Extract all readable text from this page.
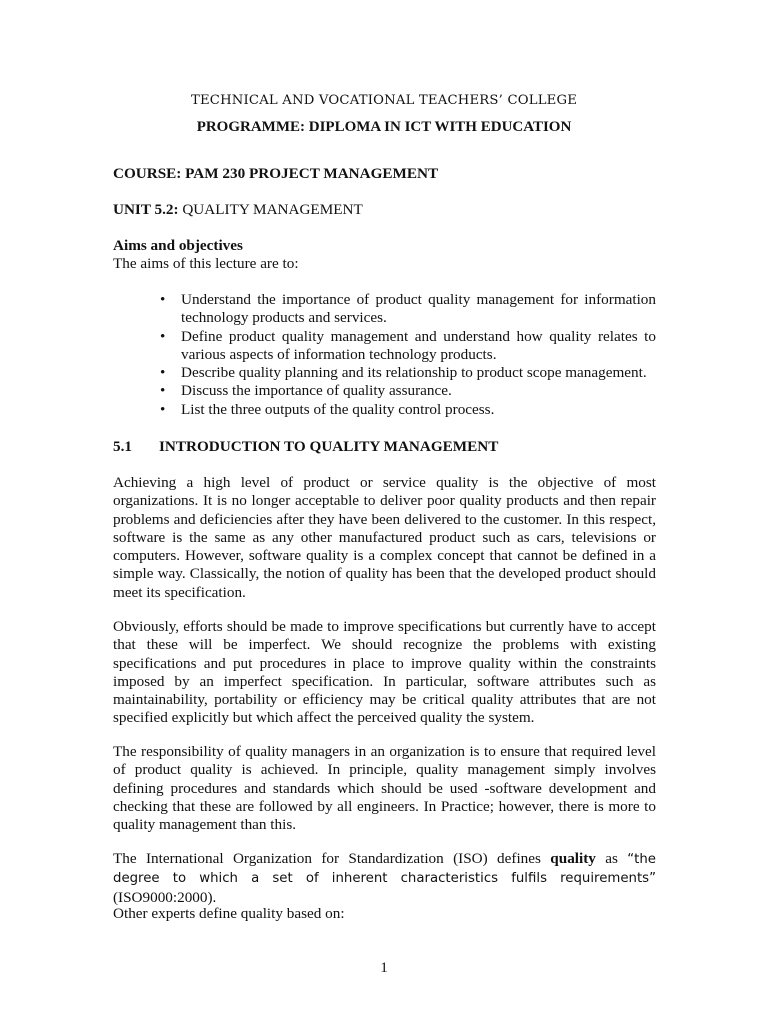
TECHNICAL AND VOCATIONAL TEACHERS’ COLLEGE
PROGRAMME: DIPLOMA IN ICT WITH EDUCATION
COURSE: PAM 230 PROJECT MANAGEMENT
UNIT 5.2: QUALITY MANAGEMENT
Aims and objectives
The aims of this lecture are to:
• Understand the importance of product quality management for information technology products and services.
• Define product quality management and understand how quality relates to various aspects of information technology products.
• Describe quality planning and its relationship to product scope management.
• Discuss the importance of quality assurance.
• List the three outputs of the quality control process.
5.1 INTRODUCTION TO QUALITY MANAGEMENT
Achieving a high level of product or service quality is the objective of most organizations. It is no longer acceptable to deliver poor quality products and then repair problems and deficiencies after they have been delivered to the customer. In this respect, software is the same as any other manufactured product such as cars, televisions or computers. However, software quality is a complex concept that cannot be defined in a simple way. Classically, the notion of quality has been that the developed product should meet its specification.
Obviously, efforts should be made to improve specifications but currently have to accept that these will be imperfect. We should recognize the problems with existing specifications and put procedures in place to improve quality within the constraints imposed by an imperfect specification. In particular, software attributes such as maintainability, portability or efficiency may be critical quality attributes that are not specified explicitly but which affect the perceived quality the system.
The responsibility of quality managers in an organization is to ensure that required level of product quality is achieved. In principle, quality management simply involves defining procedures and standards which should be used -software development and checking that these are followed by all engineers. In Practice; however, there is more to quality management than this.
The International Organization for Standardization (ISO) defines quality as “the degree to which a set of inherent characteristics fulfils requirements” (ISO9000:2000).
Other experts define quality based on:
1
